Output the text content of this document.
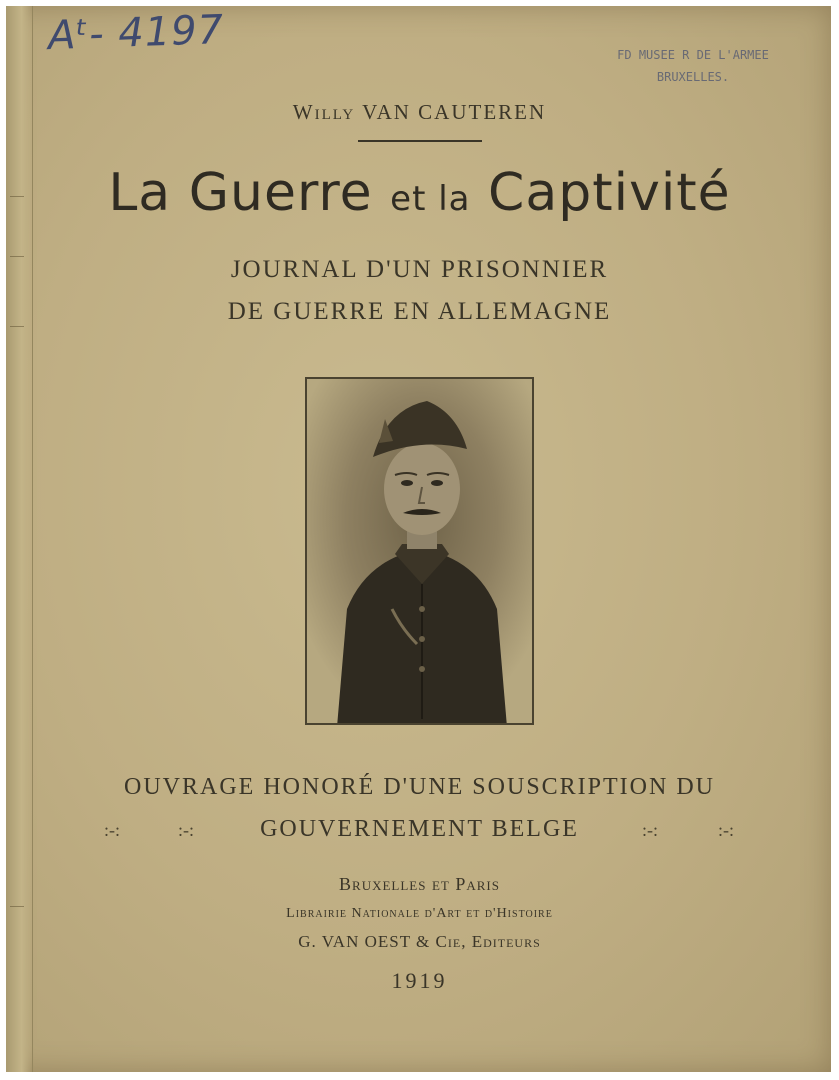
Aᵗ- 4197	FD MUSEE R DE L'ARMEE
BRUXELLES.
Willy VAN CAUTEREN
La Guerre et la Captivité
JOURNAL D'UN PRISONNIER
DE GUERRE EN ALLEMAGNE
OUVRAGE HONORÉ D'UNE SOUSCRIPTION DU
GOUVERNEMENT BELGE
:-:	:-:	:-:	:-:
Bruxelles et Paris
Librairie Nationale d'Art et d'Histoire
G. VAN OEST & Cie, Editeurs
1919
